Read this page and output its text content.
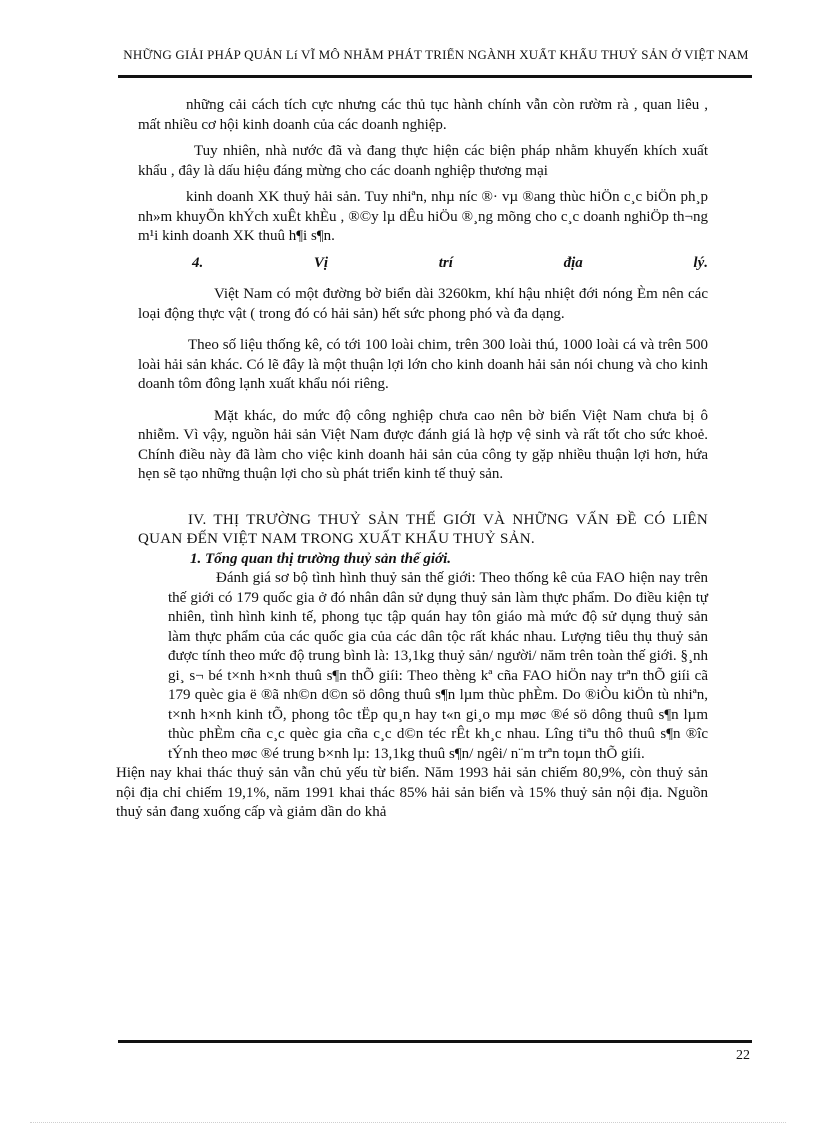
NHỮNG GIẢI PHÁP QUẢN Lí VĨ MÔ NHẰM PHÁT TRIỂN NGÀNH XUẤT KHẨU THUỶ SẢN Ở VIỆT NAM

những cải cách tích cực nhưng các thủ tục hành chính vẫn còn rườm rà , quan liêu , mất nhiều cơ hội kinh doanh của các doanh nghiệp.

Tuy nhiên, nhà nước đã và đang thực hiện các biện pháp nhằm khuyến khích xuất khẩu , đây là dấu hiệu đáng mừng cho các doanh nghiệp thương mại

kinh doanh XK thuỷ hải sản. Tuy nhiªn, nhµ níc ®· vµ ®ang thùc hiÖn c¸c biÖn ph¸p nh»m khuyÕn khÝch xuÊt khÈu , ®©y lµ dÊu hiÖu ®¸ng mõng cho c¸c doanh nghiÖp th¬ng m¹i kinh doanh XK thuû h¶i s¶n.

4.	Vị	trí	địa	lý.

Việt Nam có một đường bờ biển dài 3260km, khí hậu nhiệt đới nóng Èm nên các loại động thực vật ( trong đó có hải sản) hết sức phong phó và đa dạng.

Theo số liệu thống kê, có tới 100 loài chim, trên 300 loài thú, 1000 loài cá và trên 500 loài hải sản khác. Có lẽ đây là một thuận lợi lớn cho kinh doanh hải sản nói chung và cho kinh doanh tôm đông lạnh xuất khẩu nói riêng.

Mặt khác, do mức độ công nghiệp chưa cao nên bờ biển Việt Nam chưa bị ô nhiễm. Vì vậy, nguồn hải sản Việt Nam được đánh giá là hợp vệ sinh và rất tốt cho sức khoẻ. Chính điều này đã làm cho việc kinh doanh hải sản của công ty gặp nhiều thuận lợi hơn, hứa hẹn sẽ tạo những thuận lợi cho sù phát triển kinh tế thuỷ sản.

IV. THỊ TRƯỜNG THUỶ SẢN THẾ GIỚI VÀ NHỮNG VẤN ĐỀ CÓ LIÊN QUAN ĐẾN VIỆT NAM TRONG XUẤT KHẨU THUỶ SẢN.

1. Tổng quan thị trường thuỷ sản thế giới.

Đánh giá sơ bộ tình hình thuỷ sản thế giới: Theo thống kê của FAO hiện nay trên thế giới có 179 quốc gia ở đó nhân dân sử dụng thuỷ sản làm thực phẩm. Do điều kiện tự nhiên, tình hình kinh tế, phong tục tập quán hay tôn giáo mà mức độ sử dụng thuỷ sản làm thực phẩm của các quốc gia của các dân tộc rất khác nhau. Lượng tiêu thụ thuỷ sản được tính theo mức độ trung bình là: 13,1kg thuỷ sản/ người/ năm trên toàn thế giới. §¸nh gi¸ s¬ bé t×nh h×nh thuû s¶n thÕ giíi: Theo thèng kª cña FAO hiÖn nay trªn thÕ giíi cã 179 quèc gia ë ®ã nh©n d©n sö dông thuû s¶n lµm thùc phÈm. Do ®iÒu kiÖn tù nhiªn, t×nh h×nh kinh tÕ, phong tôc tËp qu¸n hay t«n gi¸o mµ møc ®é sö dông thuû s¶n lµm thùc phÈm cña c¸c quèc gia cña c¸c d©n téc rÊt kh¸c nhau. Lîng tiªu thô thuû s¶n ®îc tÝnh theo møc ®é trung b×nh lµ: 13,1kg thuû s¶n/ ngêi/ n¨m trªn toµn thÕ giíi.

Hiện nay khai thác thuỷ sản vẫn chủ yếu từ biển. Năm 1993 hải sản chiếm 80,9%, còn thuỷ sản nội địa chỉ chiếm 19,1%, năm 1991 khai thác 85% hải sản biển và 15% thuỷ sản nội địa. Nguồn thuỷ sản đang xuống cấp và giảm dần do khả

22
